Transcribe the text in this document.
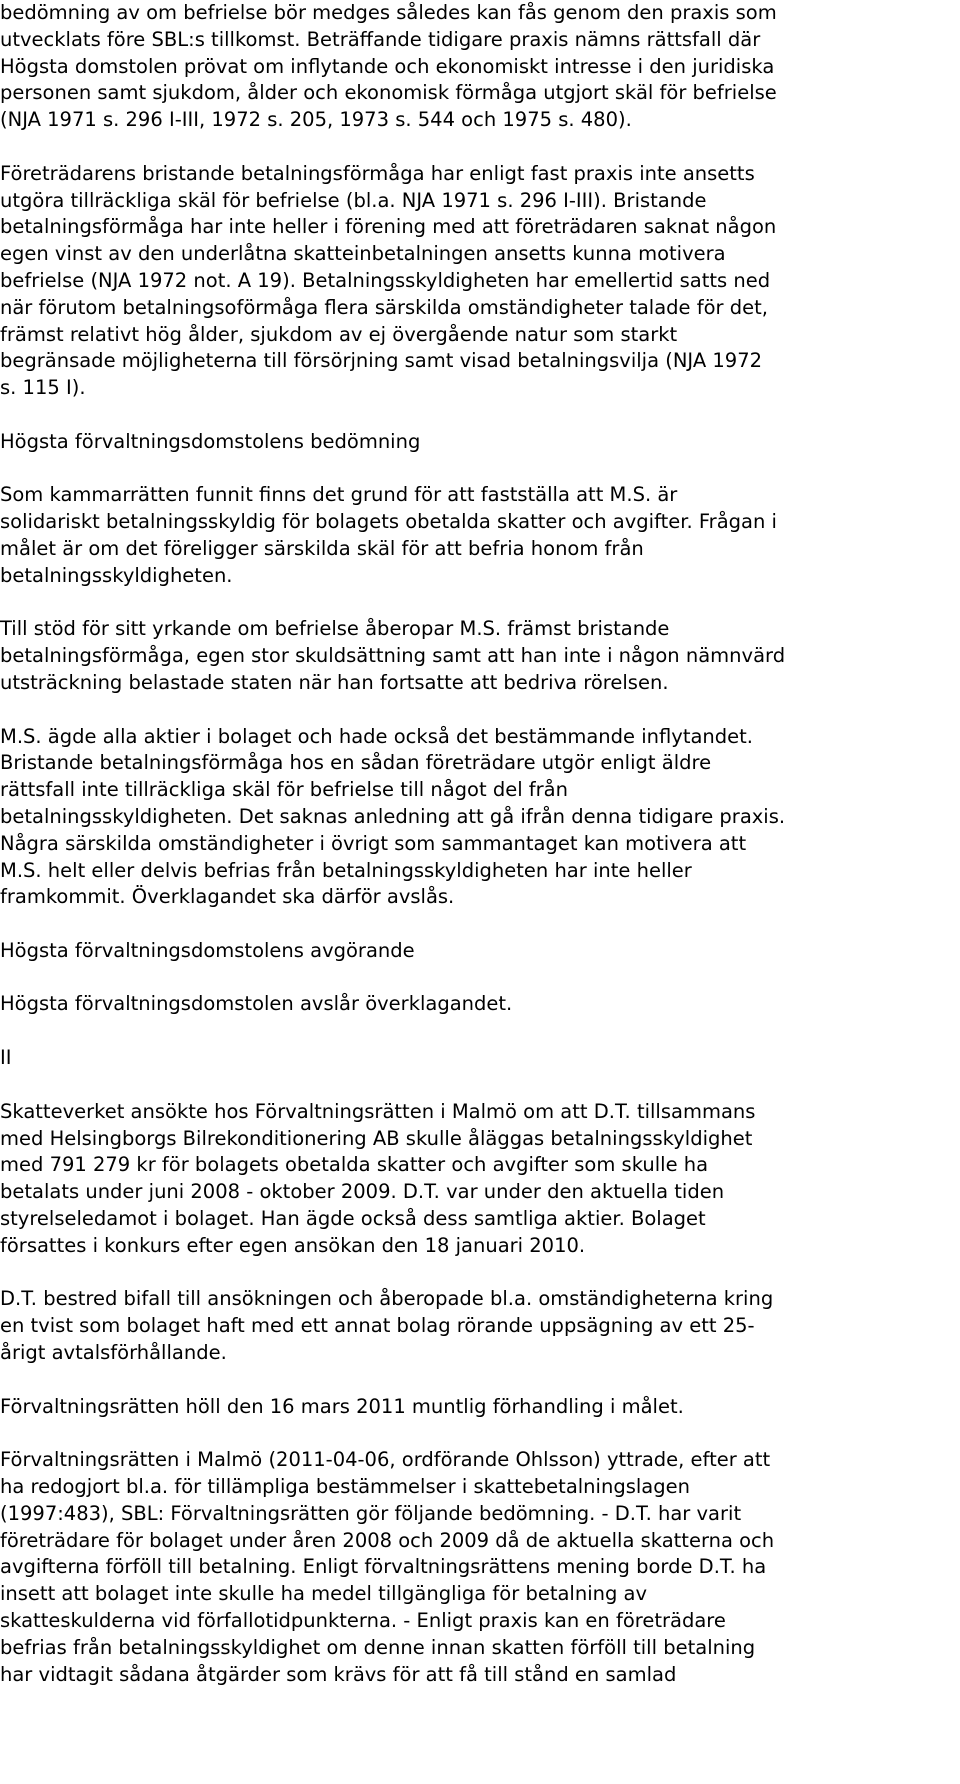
bedömning av om befrielse bör medges således kan fås genom den praxis som
utvecklats före SBL:s tillkomst. Beträffande tidigare praxis nämns rättsfall där
Högsta domstolen prövat om inflytande och ekonomiskt intresse i den juridiska
personen samt sjukdom, ålder och ekonomisk förmåga utgjort skäl för befrielse
(NJA 1971 s. 296 I-III, 1972 s. 205, 1973 s. 544 och 1975 s. 480).

Företrädarens bristande betalningsförmåga har enligt fast praxis inte ansetts
utgöra tillräckliga skäl för befrielse (bl.a. NJA 1971 s. 296 I-III). Bristande
betalningsförmåga har inte heller i förening med att företrädaren saknat någon
egen vinst av den underlåtna skatteinbetalningen ansetts kunna motivera
befrielse (NJA 1972 not. A 19). Betalningsskyldigheten har emellertid satts ned
när förutom betalningsoförmåga flera särskilda omständigheter talade för det,
främst relativt hög ålder, sjukdom av ej övergående natur som starkt
begränsade möjligheterna till försörjning samt visad betalningsvilja (NJA 1972
s. 115 I).

Högsta förvaltningsdomstolens bedömning

Som kammarrätten funnit finns det grund för att fastställa att M.S. är
solidariskt betalningsskyldig för bolagets obetalda skatter och avgifter. Frågan i
målet är om det föreligger särskilda skäl för att befria honom från
betalningsskyldigheten.

Till stöd för sitt yrkande om befrielse åberopar M.S. främst bristande
betalningsförmåga, egen stor skuldsättning samt att han inte i någon nämnvärd
utsträckning belastade staten när han fortsatte att bedriva rörelsen.

M.S. ägde alla aktier i bolaget och hade också det bestämmande inflytandet.
Bristande betalningsförmåga hos en sådan företrädare utgör enligt äldre
rättsfall inte tillräckliga skäl för befrielse till något del från
betalningsskyldigheten. Det saknas anledning att gå ifrån denna tidigare praxis.
Några särskilda omständigheter i övrigt som sammantaget kan motivera att
M.S. helt eller delvis befrias från betalningsskyldigheten har inte heller
framkommit. Överklagandet ska därför avslås.

Högsta förvaltningsdomstolens avgörande

Högsta förvaltningsdomstolen avslår överklagandet.

II

Skatteverket ansökte hos Förvaltningsrätten i Malmö om att D.T. tillsammans
med Helsingborgs Bilrekonditionering AB skulle åläggas betalningsskyldighet
med 791 279 kr för bolagets obetalda skatter och avgifter som skulle ha
betalats under juni 2008 - oktober 2009. D.T. var under den aktuella tiden
styrelseledamot i bolaget. Han ägde också dess samtliga aktier. Bolaget
försattes i konkurs efter egen ansökan den 18 januari 2010.

D.T. bestred bifall till ansökningen och åberopade bl.a. omständigheterna kring
en tvist som bolaget haft med ett annat bolag rörande uppsägning av ett 25-
årigt avtalsförhållande.

Förvaltningsrätten höll den 16 mars 2011 muntlig förhandling i målet.

Förvaltningsrätten i Malmö (2011-04-06, ordförande Ohlsson) yttrade, efter att
ha redogjort bl.a. för tillämpliga bestämmelser i skattebetalningslagen
(1997:483), SBL: Förvaltningsrätten gör följande bedömning. - D.T. har varit
företrädare för bolaget under åren 2008 och 2009 då de aktuella skatterna och
avgifterna förföll till betalning. Enligt förvaltningsrättens mening borde D.T. ha
insett att bolaget inte skulle ha medel tillgängliga för betalning av
skatteskulderna vid förfallotidpunkterna. - Enligt praxis kan en företrädare
befrias från betalningsskyldighet om denne innan skatten förföll till betalning
har vidtagit sådana åtgärder som krävs för att få till stånd en samlad
